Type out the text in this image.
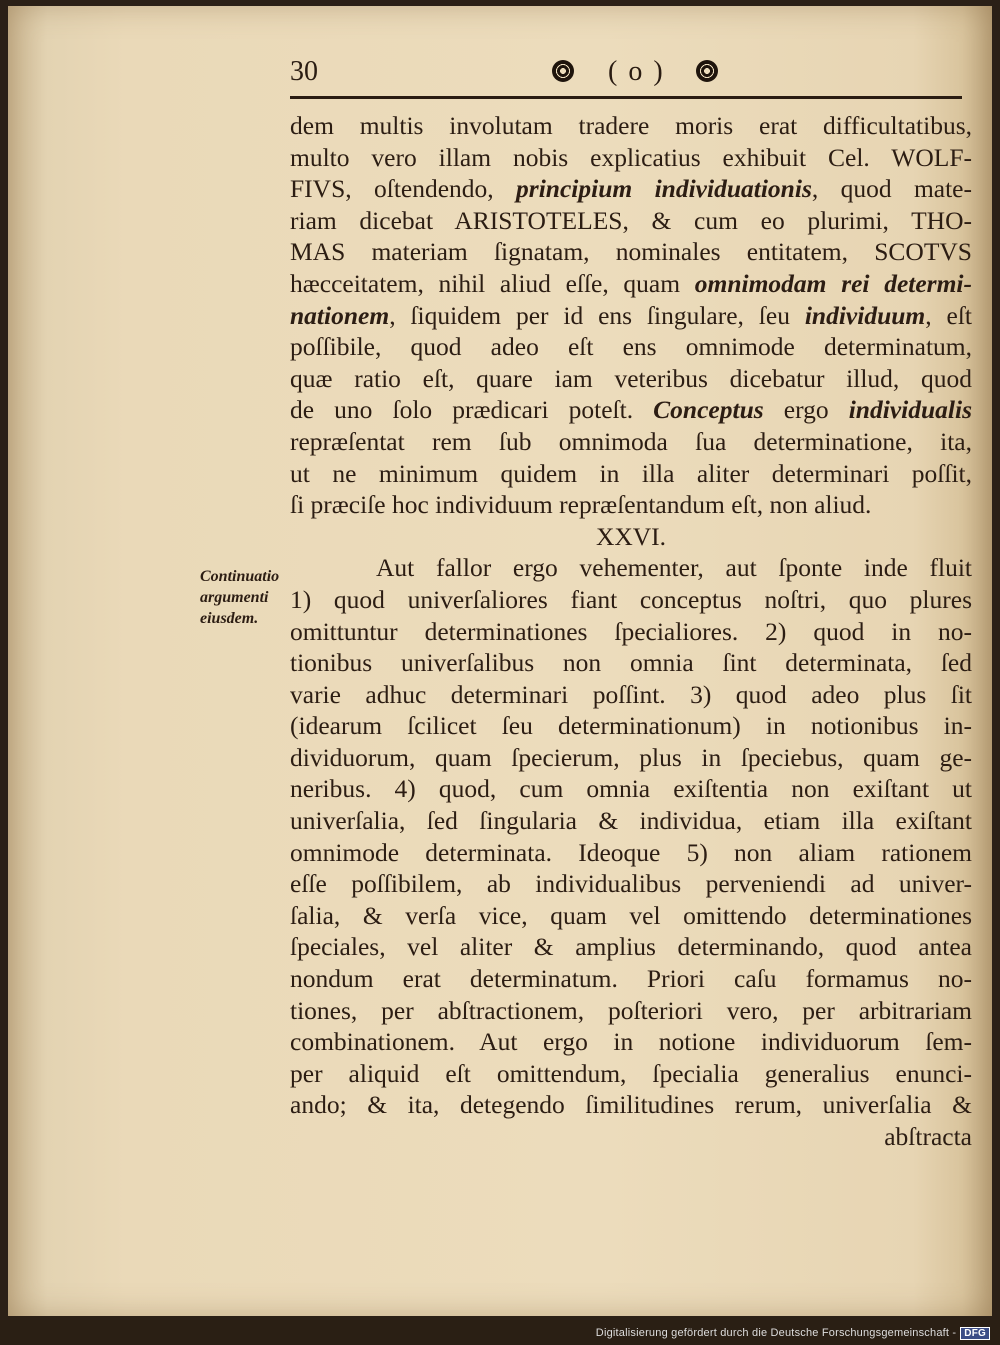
30	( o )
Continuatio
argumenti
eiusdem.
dem multis involutam tradere moris erat difficultatibus,
multo vero illam nobis explicatius exhibuit Cel. WOLF-
FIVS, oſtendendo, principium individuationis, quod mate-
riam dicebat ARISTOTELES, & cum eo plurimi, THO-
MAS materiam ſignatam, nominales entitatem, SCOTVS
hæcceitatem, nihil aliud eſſe, quam omnimodam rei determi-
nationem, ſiquidem per id ens ſingulare, ſeu individuum, eſt
poſſibile, quod adeo eſt ens omnimode determinatum,
quæ ratio eſt, quare iam veteribus dicebatur illud, quod
de uno ſolo prædicari poteſt. Conceptus ergo individualis
repræſentat rem ſub omnimoda ſua determinatione, ita,
ut ne minimum quidem in illa aliter determinari poſſit,
ſi præciſe hoc individuum repræſentandum eſt, non aliud.
XXVI.
Aut fallor ergo vehementer, aut ſponte inde fluit
1) quod univerſaliores fiant conceptus noſtri, quo plures
omittuntur determinationes ſpecialiores. 2) quod in no-
tionibus univerſalibus non omnia ſint determinata, ſed
varie adhuc determinari poſſint. 3) quod adeo plus ſit
(idearum ſcilicet ſeu determinationum) in notionibus in-
dividuorum, quam ſpecierum, plus in ſpeciebus, quam ge-
neribus. 4) quod, cum omnia exiſtentia non exiſtant ut
univerſalia, ſed ſingularia & individua, etiam illa exiſtant
omnimode determinata. Ideoque 5) non aliam rationem
eſſe poſſibilem, ab individualibus perveniendi ad univer-
ſalia, & verſa vice, quam vel omittendo determinationes
ſpeciales, vel aliter & amplius determinando, quod antea
nondum erat determinatum. Priori caſu formamus no-
tiones, per abſtractionem, poſteriori vero, per arbitrariam
combinationem. Aut ergo in notione individuorum ſem-
per aliquid eſt omittendum, ſpecialia generalius enunci-
ando; & ita, detegendo ſimilitudines rerum, univerſalia &
abſtracta
Digitalisierung gefördert durch die Deutsche Forschungsgemeinschaft - DFG
